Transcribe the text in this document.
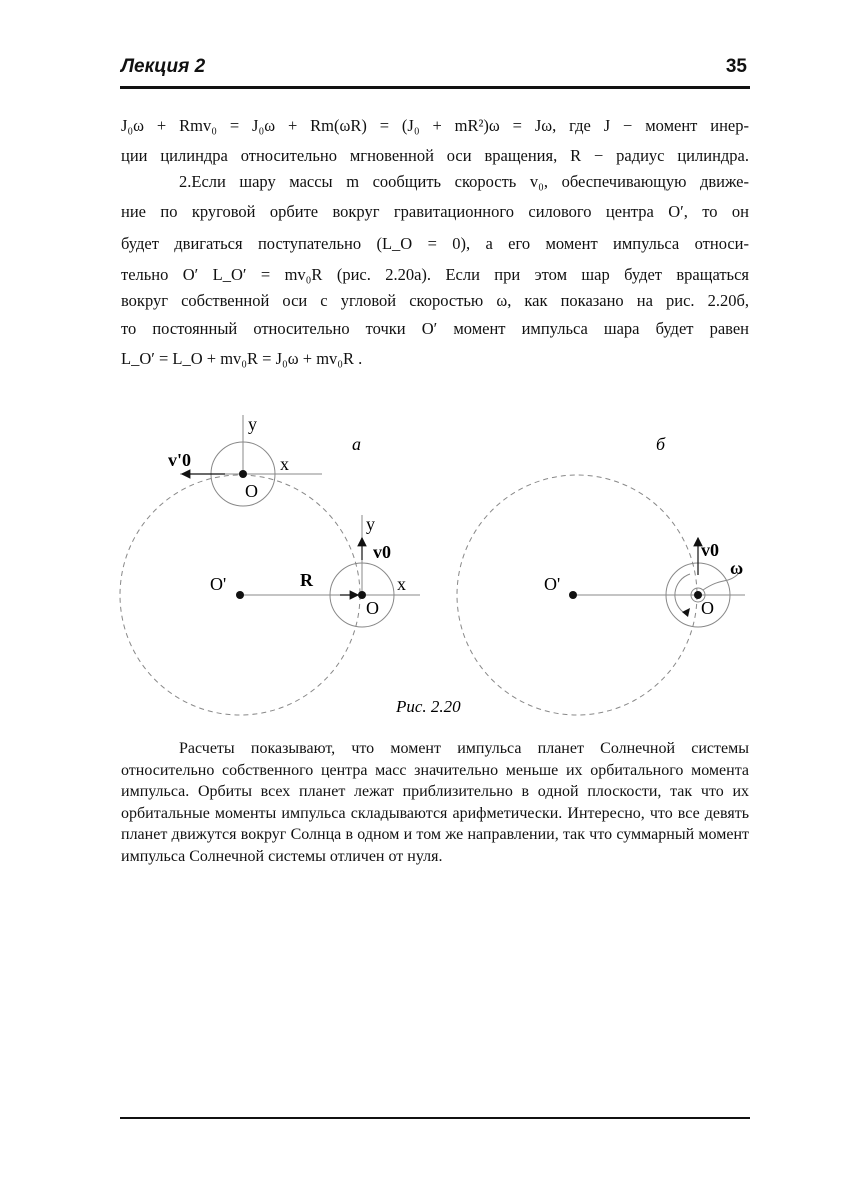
Лекция 2	35
J₀ω + Rmv₀ = J₀ω + Rm(ωR) = (J₀ + mR²)ω = Jω, где J − момент инер-
ции цилиндра относительно мгновенной оси вращения, R − радиус цилиндра.
2.Если шару массы m сообщить скорость v₀, обеспечивающую движе-
ние по круговой орбите вокруг гравитационного силового центра O′, то он
будет двигаться поступательно (L_O = 0), а его момент импульса относи-
тельно O′ L_O′ = mv₀R (рис. 2.20а). Если при этом шар будет вращаться
вокруг собственной оси с угловой скоростью ω, как показано на рис. 2.20б,
то постоянный относительно точки O′ момент импульса шара будет равен
L_O′ = L_O + mv₀R = J₀ω + mv₀R .
y
x
O
v'0
y
v0
x
O
O'	R
а	б
O'
v0
O
ω
Рис. 2.20
Расчеты показывают, что момент импульса планет Солнечной системы относительно собственного центра масс значительно меньше их орбитального момента импульса. Орбиты всех планет лежат приблизительно в одной плоскости, так что их орбитальные моменты импульса складываются арифметически. Интересно, что все девять планет движутся вокруг Солнца в одном и том же направлении, так что суммарный момент импульса Солнечной системы отличен от нуля.
